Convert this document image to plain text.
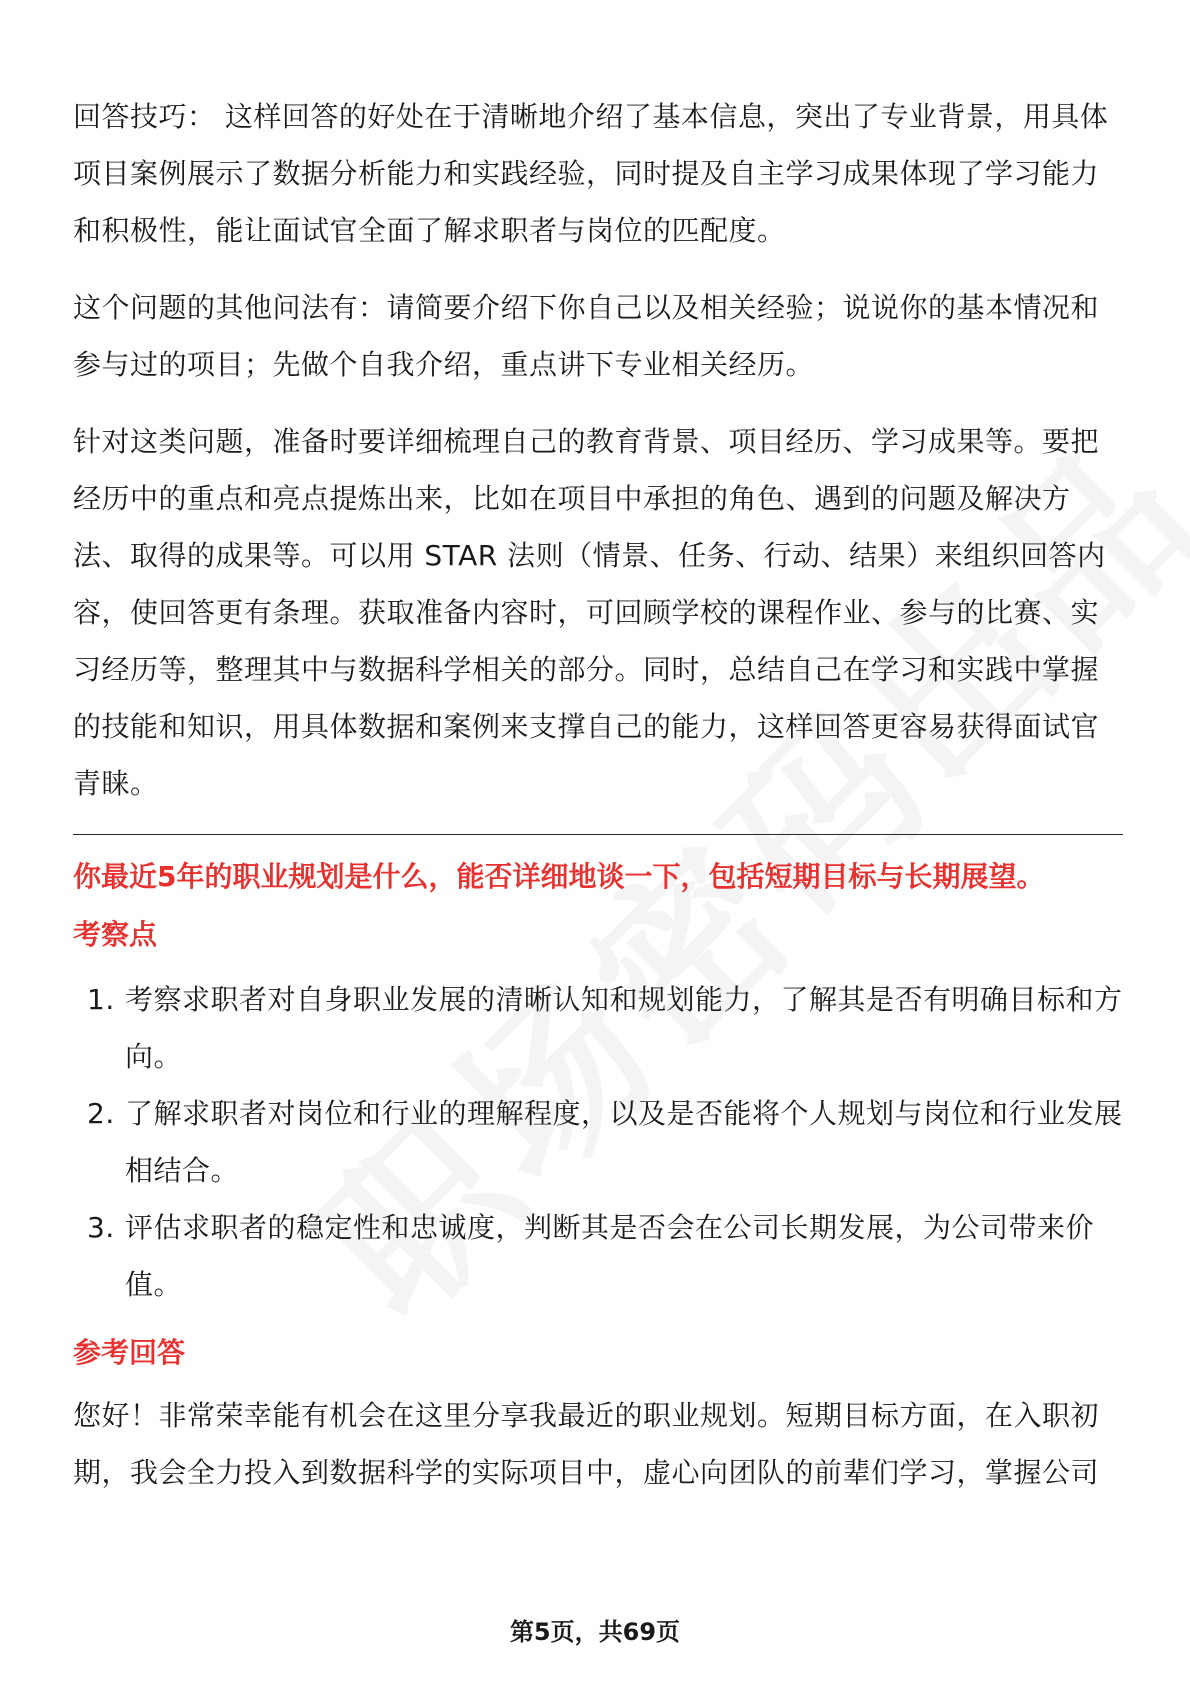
回答技巧： 这样回答的好处在于清晰地介绍了基本信息，突出了专业背景，用具体项目案例展示了数据分析能力和实践经验，同时提及自主学习成果体现了学习能力和积极性，能让面试官全面了解求职者与岗位的匹配度。

这个问题的其他问法有：请简要介绍下你自己以及相关经验；说说你的基本情况和参与过的项目；先做个自我介绍，重点讲下专业相关经历。

针对这类问题，准备时要详细梳理自己的教育背景、项目经历、学习成果等。要把经历中的重点和亮点提炼出来，比如在项目中承担的角色、遇到的问题及解决方法、取得的成果等。可以用 STAR 法则（情景、任务、行动、结果）来组织回答内容，使回答更有条理。获取准备内容时，可回顾学校的课程作业、参与的比赛、实习经历等，整理其中与数据科学相关的部分。同时，总结自己在学习和实践中掌握的技能和知识，用具体数据和案例来支撑自己的能力，这样回答更容易获得面试官青睐。

你最近5年的职业规划是什么，能否详细地谈一下，包括短期目标与长期展望。
考察点
1. 考察求职者对自身职业发展的清晰认知和规划能力，了解其是否有明确目标和方向。
2. 了解求职者对岗位和行业的理解程度，以及是否能将个人规划与岗位和行业发展相结合。
3. 评估求职者的稳定性和忠诚度，判断其是否会在公司长期发展，为公司带来价值。
参考回答

您好！非常荣幸能有机会在这里分享我最近的职业规划。短期目标方面，在入职初期，我会全力投入到数据科学的实际项目中，虚心向团队的前辈们学习，掌握公司

第5页，共69页
